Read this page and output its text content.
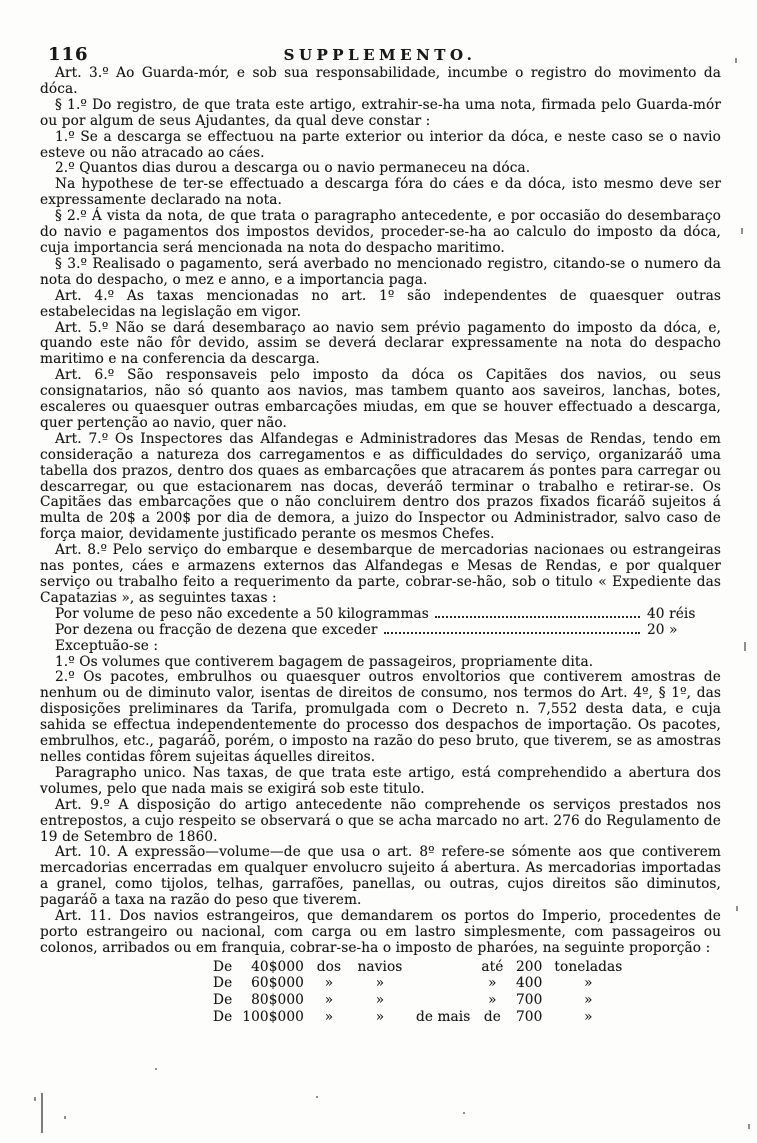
116	SUPPLEMENTO.

Art. 3.º Ao Guarda-mór, e sob sua responsabilidade, incumbe o registro do movimento da dóca.

§ 1.º Do registro, de que trata este artigo, extrahir-se-ha uma nota, firmada pelo Guarda-mór ou por algum de seus Ajudantes, da qual deve constar :

1.º Se a descarga se effectuou na parte exterior ou interior da dóca, e neste caso se o navio esteve ou não atracado ao cáes.

2.º Quantos dias durou a descarga ou o navio permaneceu na dóca.

Na hypothese de ter-se effectuado a descarga fóra do cáes e da dóca, isto mesmo deve ser expressamente declarado na nota.

§ 2.º Á vista da nota, de que trata o paragrapho antecedente, e por occasião do desembaraço do navio e pagamentos dos impostos devidos, proceder-se-ha ao calculo do imposto da dóca, cuja importancia será mencionada na nota do despacho maritimo.

§ 3.º Realisado o pagamento, será averbado no mencionado registro, citando-se o numero da nota do despacho, o mez e anno, e a importancia paga.

Art. 4.º As taxas mencionadas no art. 1º são independentes de quaesquer outras estabelecidas na legislação em vigor.

Art. 5.º Não se dará desembaraço ao navio sem prévio pagamento do imposto da dóca, e, quando este não fôr devido, assim se deverá declarar expressamente na nota do despacho maritimo e na conferencia da descarga.

Art. 6.º São responsaveis pelo imposto da dóca os Capitães dos navios, ou seus consignatarios, não só quanto aos navios, mas tambem quanto aos saveiros, lanchas, botes, escaleres ou quaesquer outras embarcações miudas, em que se houver effectuado a descarga, quer pertenção ao navio, quer não.

Art. 7.º Os Inspectores das Alfandegas e Administradores das Mesas de Rendas, tendo em consideração a natureza dos carregamentos e as difficuldades do serviço, organizaráõ uma tabella dos prazos, dentro dos quaes as embarcações que atracarem ás pontes para carregar ou descarregar, ou que estacionarem nas docas, deveráõ terminar o trabalho e retirar-se. Os Capitães das embarcações que o não concluirem dentro dos prazos fixados ficaráõ sujeitos á multa de 20$ a 200$ por dia de demora, a juizo do Inspector ou Administrador, salvo caso de força maior, devidamente justificado perante os mesmos Chefes.

Art. 8.º Pelo serviço do embarque e desembarque de mercadorias nacionaes ou estrangeiras nas pontes, cáes e armazens externos das Alfandegas e Mesas de Rendas, e por qualquer serviço ou trabalho feito a requerimento da parte, cobrar-se-hão, sob o titulo « Expediente das Capatazias », as seguintes taxas :

Por volume de peso não excedente a 50 kilogrammas	40 réis
Por dezena ou fracção de dezena que exceder	20 »

Exceptuão-se :

1.º Os volumes que contiverem bagagem de passageiros, propriamente dita.

2.º Os pacotes, embrulhos ou quaesquer outros envoltorios que contiverem amostras de nenhum ou de diminuto valor, isentas de direitos de consumo, nos termos do Art. 4º, § 1º, das disposições preliminares da Tarifa, promulgada com o Decreto n. 7,552 desta data, e cuja sahida se effectua independentemente do processo dos despachos de importação. Os pacotes, embrulhos, etc., pagaráõ, porém, o imposto na razão do peso bruto, que tiverem, se as amostras nelles contidas fôrem sujeitas áquelles direitos.

Paragrapho unico. Nas taxas, de que trata este artigo, está comprehendido a abertura dos volumes, pelo que nada mais se exigirá sob este titulo.

Art. 9.º A disposição do artigo antecedente não comprehende os serviços prestados nos entrepostos, a cujo respeito se observará o que se acha marcado no art. 276 do Regulamento de 19 de Setembro de 1860.

Art. 10. A expressão—volume—de que usa o art. 8º refere-se sómente aos que contiverem mercadorias encerradas em qualquer envolucro sujeito á abertura. As mercadorias importadas a granel, como tijolos, telhas, garrafões, panellas, ou outras, cujos direitos são diminutos, pagaráõ a taxa na razão do peso que tiverem.

Art. 11. Dos navios estrangeiros, que demandarem os portos do Imperio, procedentes de porto estrangeiro ou nacional, com carga ou em lastro simplesmente, com passageiros ou colonos, arribados ou em franquia, cobrar-se-ha o imposto de pharóes, na seguinte proporção :

De	40$000	dos	navios		até	200	toneladas
De	60$000	»	»		»	400	»
De	80$000	»	»		»	700	»
De	100$000	»	»	de mais	de	700	»
